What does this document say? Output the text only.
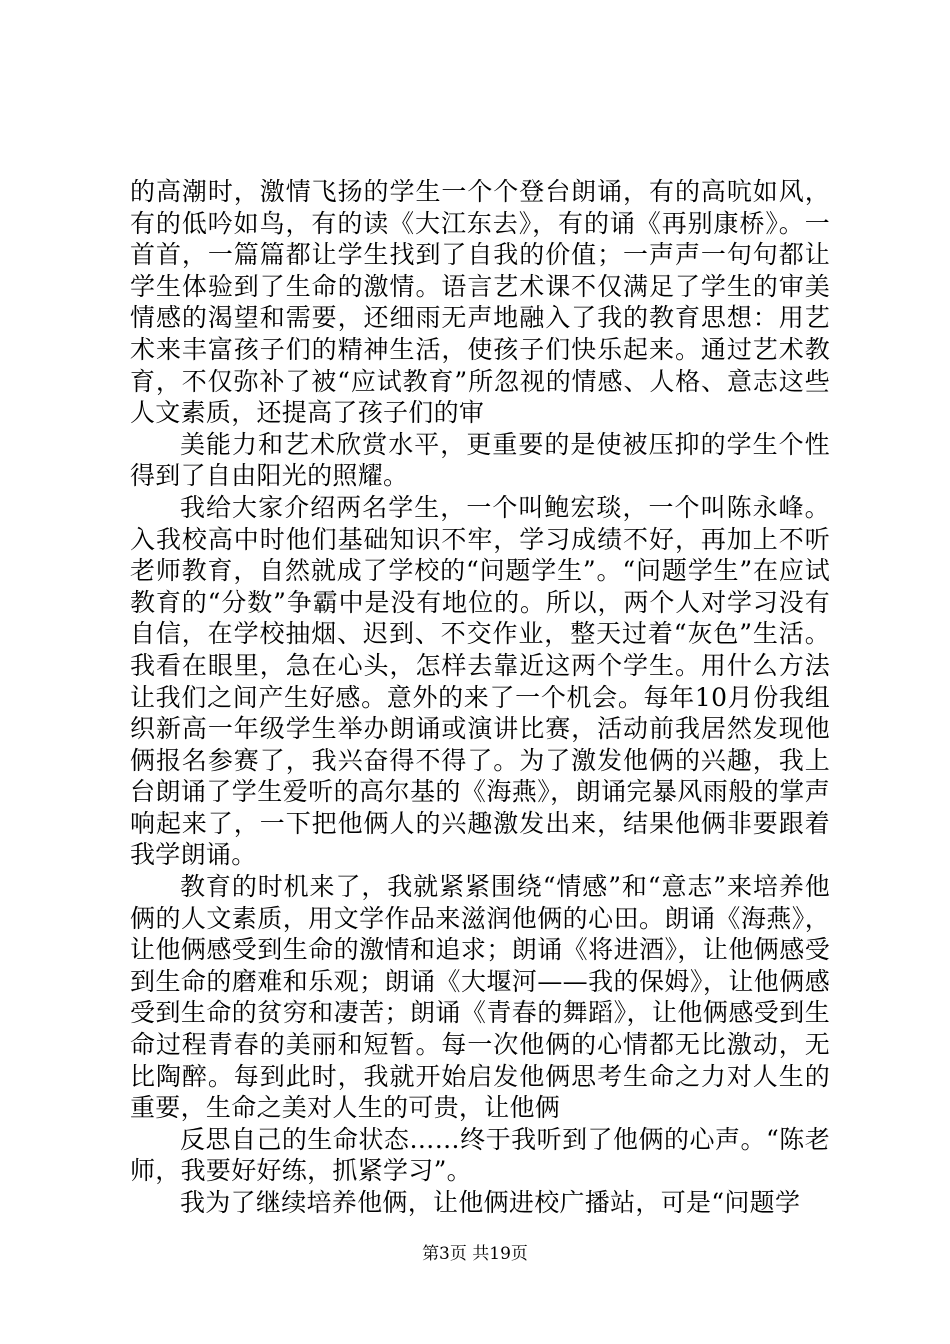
的高潮时，激情飞扬的学生一个个登台朗诵，有的高吭如风，有的低吟如鸟，有的读《大江东去》，有的诵《再别康桥》。一首首，一篇篇都让学生找到了自我的价值；一声声一句句都让学生体验到了生命的激情。语言艺术课不仅满足了学生的审美情感的渴望和需要，还细雨无声地融入了我的教育思想：用艺术来丰富孩子们的精神生活，使孩子们快乐起来。通过艺术教育，不仅弥补了被“应试教育”所忽视的情感、人格、意志这些人文素质，还提高了孩子们的审

美能力和艺术欣赏水平，更重要的是使被压抑的学生个性得到了自由阳光的照耀。

我给大家介绍两名学生，一个叫鲍宏琰，一个叫陈永峰。入我校高中时他们基础知识不牢，学习成绩不好，再加上不听老师教育，自然就成了学校的“问题学生”。“问题学生”在应试教育的“分数”争霸中是没有地位的。所以，两个人对学习没有自信，在学校抽烟、迟到、不交作业，整天过着“灰色”生活。我看在眼里，急在心头，怎样去靠近这两个学生。用什么方法让我们之间产生好感。意外的来了一个机会。每年10月份我组织新高一年级学生举办朗诵或演讲比赛，活动前我居然发现他俩报名参赛了，我兴奋得不得了。为了激发他俩的兴趣，我上台朗诵了学生爱听的高尔基的《海燕》，朗诵完暴风雨般的掌声响起来了，一下把他俩人的兴趣激发出来，结果他俩非要跟着我学朗诵。

教育的时机来了，我就紧紧围绕“情感”和“意志”来培养他俩的人文素质，用文学作品来滋润他俩的心田。朗诵《海燕》，让他俩感受到生命的激情和追求；朗诵《将进酒》，让他俩感受到生命的磨难和乐观；朗诵《大堰河——我的保姆》，让他俩感受到生命的贫穷和凄苦；朗诵《青春的舞蹈》，让他俩感受到生命过程青春的美丽和短暂。每一次他俩的心情都无比激动，无比陶醉。每到此时，我就开始启发他俩思考生命之力对人生的重要，生命之美对人生的可贵，让他俩

反思自己的生命状态……终于我听到了他俩的心声。“陈老师，我要好好练，抓紧学习”。

我为了继续培养他俩，让他俩进校广播站，可是“问题学

第3页 共19页
